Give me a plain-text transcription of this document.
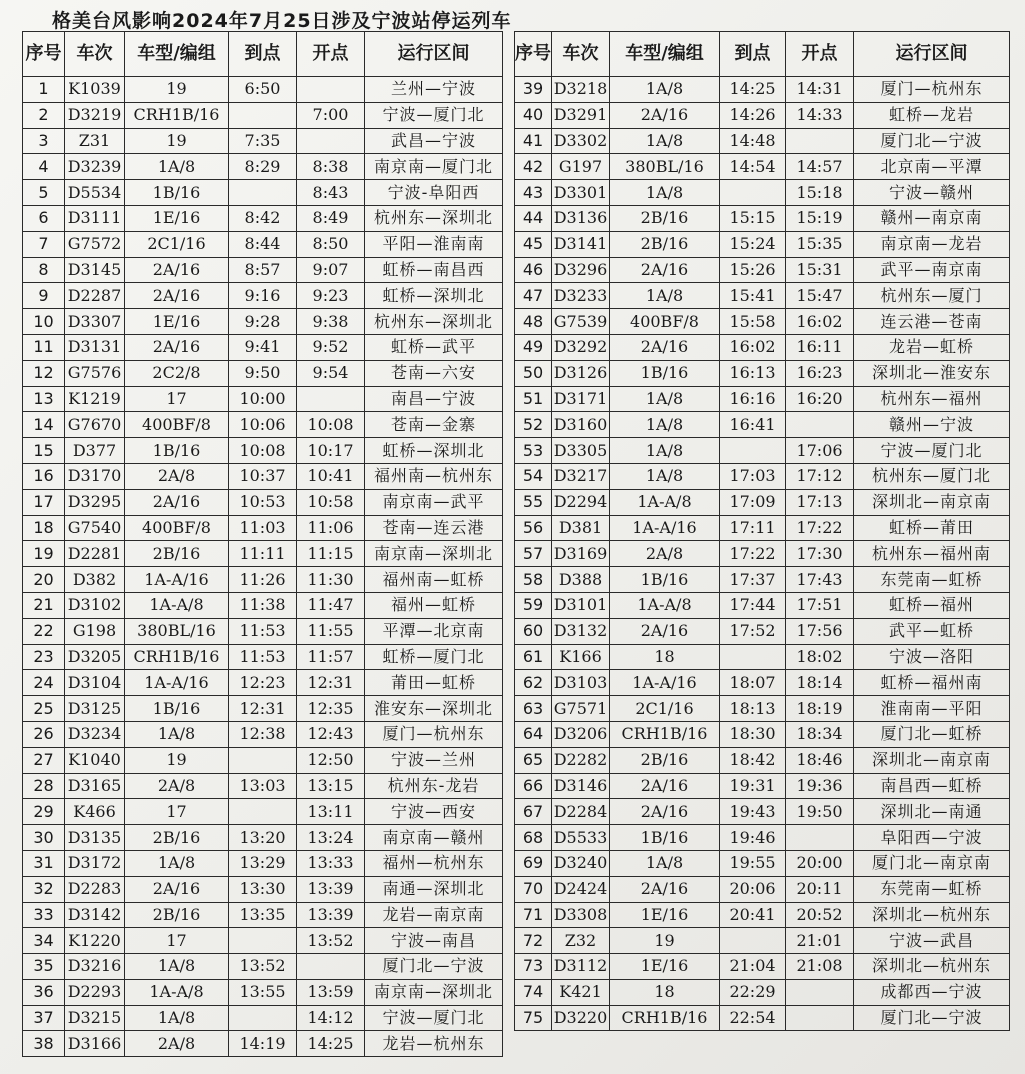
格美台风影响2024年7月25日涉及宁波站停运列车
序号	车次	车型/编组	到点	开点	运行区间
1	K1039	19	6:50		兰州—宁波
2	D3219	CRH1B/16		7:00	宁波—厦门北
3	Z31	19	7:35		武昌—宁波
4	D3239	1A/8	8:29	8:38	南京南—厦门北
5	D5534	1B/16		8:43	宁波-阜阳西
6	D3111	1E/16	8:42	8:49	杭州东—深圳北
7	G7572	2C1/16	8:44	8:50	平阳—淮南南
8	D3145	2A/16	8:57	9:07	虹桥—南昌西
9	D2287	2A/16	9:16	9:23	虹桥—深圳北
10	D3307	1E/16	9:28	9:38	杭州东—深圳北
11	D3131	2A/16	9:41	9:52	虹桥—武平
12	G7576	2C2/8	9:50	9:54	苍南—六安
13	K1219	17	10:00		南昌—宁波
14	G7670	400BF/8	10:06	10:08	苍南—金寨
15	D377	1B/16	10:08	10:17	虹桥—深圳北
16	D3170	2A/8	10:37	10:41	福州南—杭州东
17	D3295	2A/16	10:53	10:58	南京南—武平
18	G7540	400BF/8	11:03	11:06	苍南—连云港
19	D2281	2B/16	11:11	11:15	南京南—深圳北
20	D382	1A-A/16	11:26	11:30	福州南—虹桥
21	D3102	1A-A/8	11:38	11:47	福州—虹桥
22	G198	380BL/16	11:53	11:55	平潭—北京南
23	D3205	CRH1B/16	11:53	11:57	虹桥—厦门北
24	D3104	1A-A/16	12:23	12:31	莆田—虹桥
25	D3125	1B/16	12:31	12:35	淮安东—深圳北
26	D3234	1A/8	12:38	12:43	厦门—杭州东
27	K1040	19		12:50	宁波—兰州
28	D3165	2A/8	13:03	13:15	杭州东-龙岩
29	K466	17		13:11	宁波—西安
30	D3135	2B/16	13:20	13:24	南京南—赣州
31	D3172	1A/8	13:29	13:33	福州—杭州东
32	D2283	2A/16	13:30	13:39	南通—深圳北
33	D3142	2B/16	13:35	13:39	龙岩—南京南
34	K1220	17		13:52	宁波—南昌
35	D3216	1A/8	13:52		厦门北—宁波
36	D2293	1A-A/8	13:55	13:59	南京南—深圳北
37	D3215	1A/8		14:12	宁波—厦门北
38	D3166	2A/8	14:19	14:25	龙岩—杭州东
序号	车次	车型/编组	到点	开点	运行区间
39	D3218	1A/8	14:25	14:31	厦门—杭州东
40	D3291	2A/16	14:26	14:33	虹桥—龙岩
41	D3302	1A/8	14:48		厦门北—宁波
42	G197	380BL/16	14:54	14:57	北京南—平潭
43	D3301	1A/8		15:18	宁波—赣州
44	D3136	2B/16	15:15	15:19	赣州—南京南
45	D3141	2B/16	15:24	15:35	南京南—龙岩
46	D3296	2A/16	15:26	15:31	武平—南京南
47	D3233	1A/8	15:41	15:47	杭州东—厦门
48	G7539	400BF/8	15:58	16:02	连云港—苍南
49	D3292	2A/16	16:02	16:11	龙岩—虹桥
50	D3126	1B/16	16:13	16:23	深圳北—淮安东
51	D3171	1A/8	16:16	16:20	杭州东—福州
52	D3160	1A/8	16:41		赣州—宁波
53	D3305	1A/8		17:06	宁波—厦门北
54	D3217	1A/8	17:03	17:12	杭州东—厦门北
55	D2294	1A-A/8	17:09	17:13	深圳北—南京南
56	D381	1A-A/16	17:11	17:22	虹桥—莆田
57	D3169	2A/8	17:22	17:30	杭州东—福州南
58	D388	1B/16	17:37	17:43	东莞南—虹桥
59	D3101	1A-A/8	17:44	17:51	虹桥—福州
60	D3132	2A/16	17:52	17:56	武平—虹桥
61	K166	18		18:02	宁波—洛阳
62	D3103	1A-A/16	18:07	18:14	虹桥—福州南
63	G7571	2C1/16	18:13	18:19	淮南南—平阳
64	D3206	CRH1B/16	18:30	18:34	厦门北—虹桥
65	D2282	2B/16	18:42	18:46	深圳北—南京南
66	D3146	2A/16	19:31	19:36	南昌西—虹桥
67	D2284	2A/16	19:43	19:50	深圳北—南通
68	D5533	1B/16	19:46		阜阳西—宁波
69	D3240	1A/8	19:55	20:00	厦门北—南京南
70	D2424	2A/16	20:06	20:11	东莞南—虹桥
71	D3308	1E/16	20:41	20:52	深圳北—杭州东
72	Z32	19		21:01	宁波—武昌
73	D3112	1E/16	21:04	21:08	深圳北—杭州东
74	K421	18	22:29		成都西—宁波
75	D3220	CRH1B/16	22:54		厦门北—宁波
